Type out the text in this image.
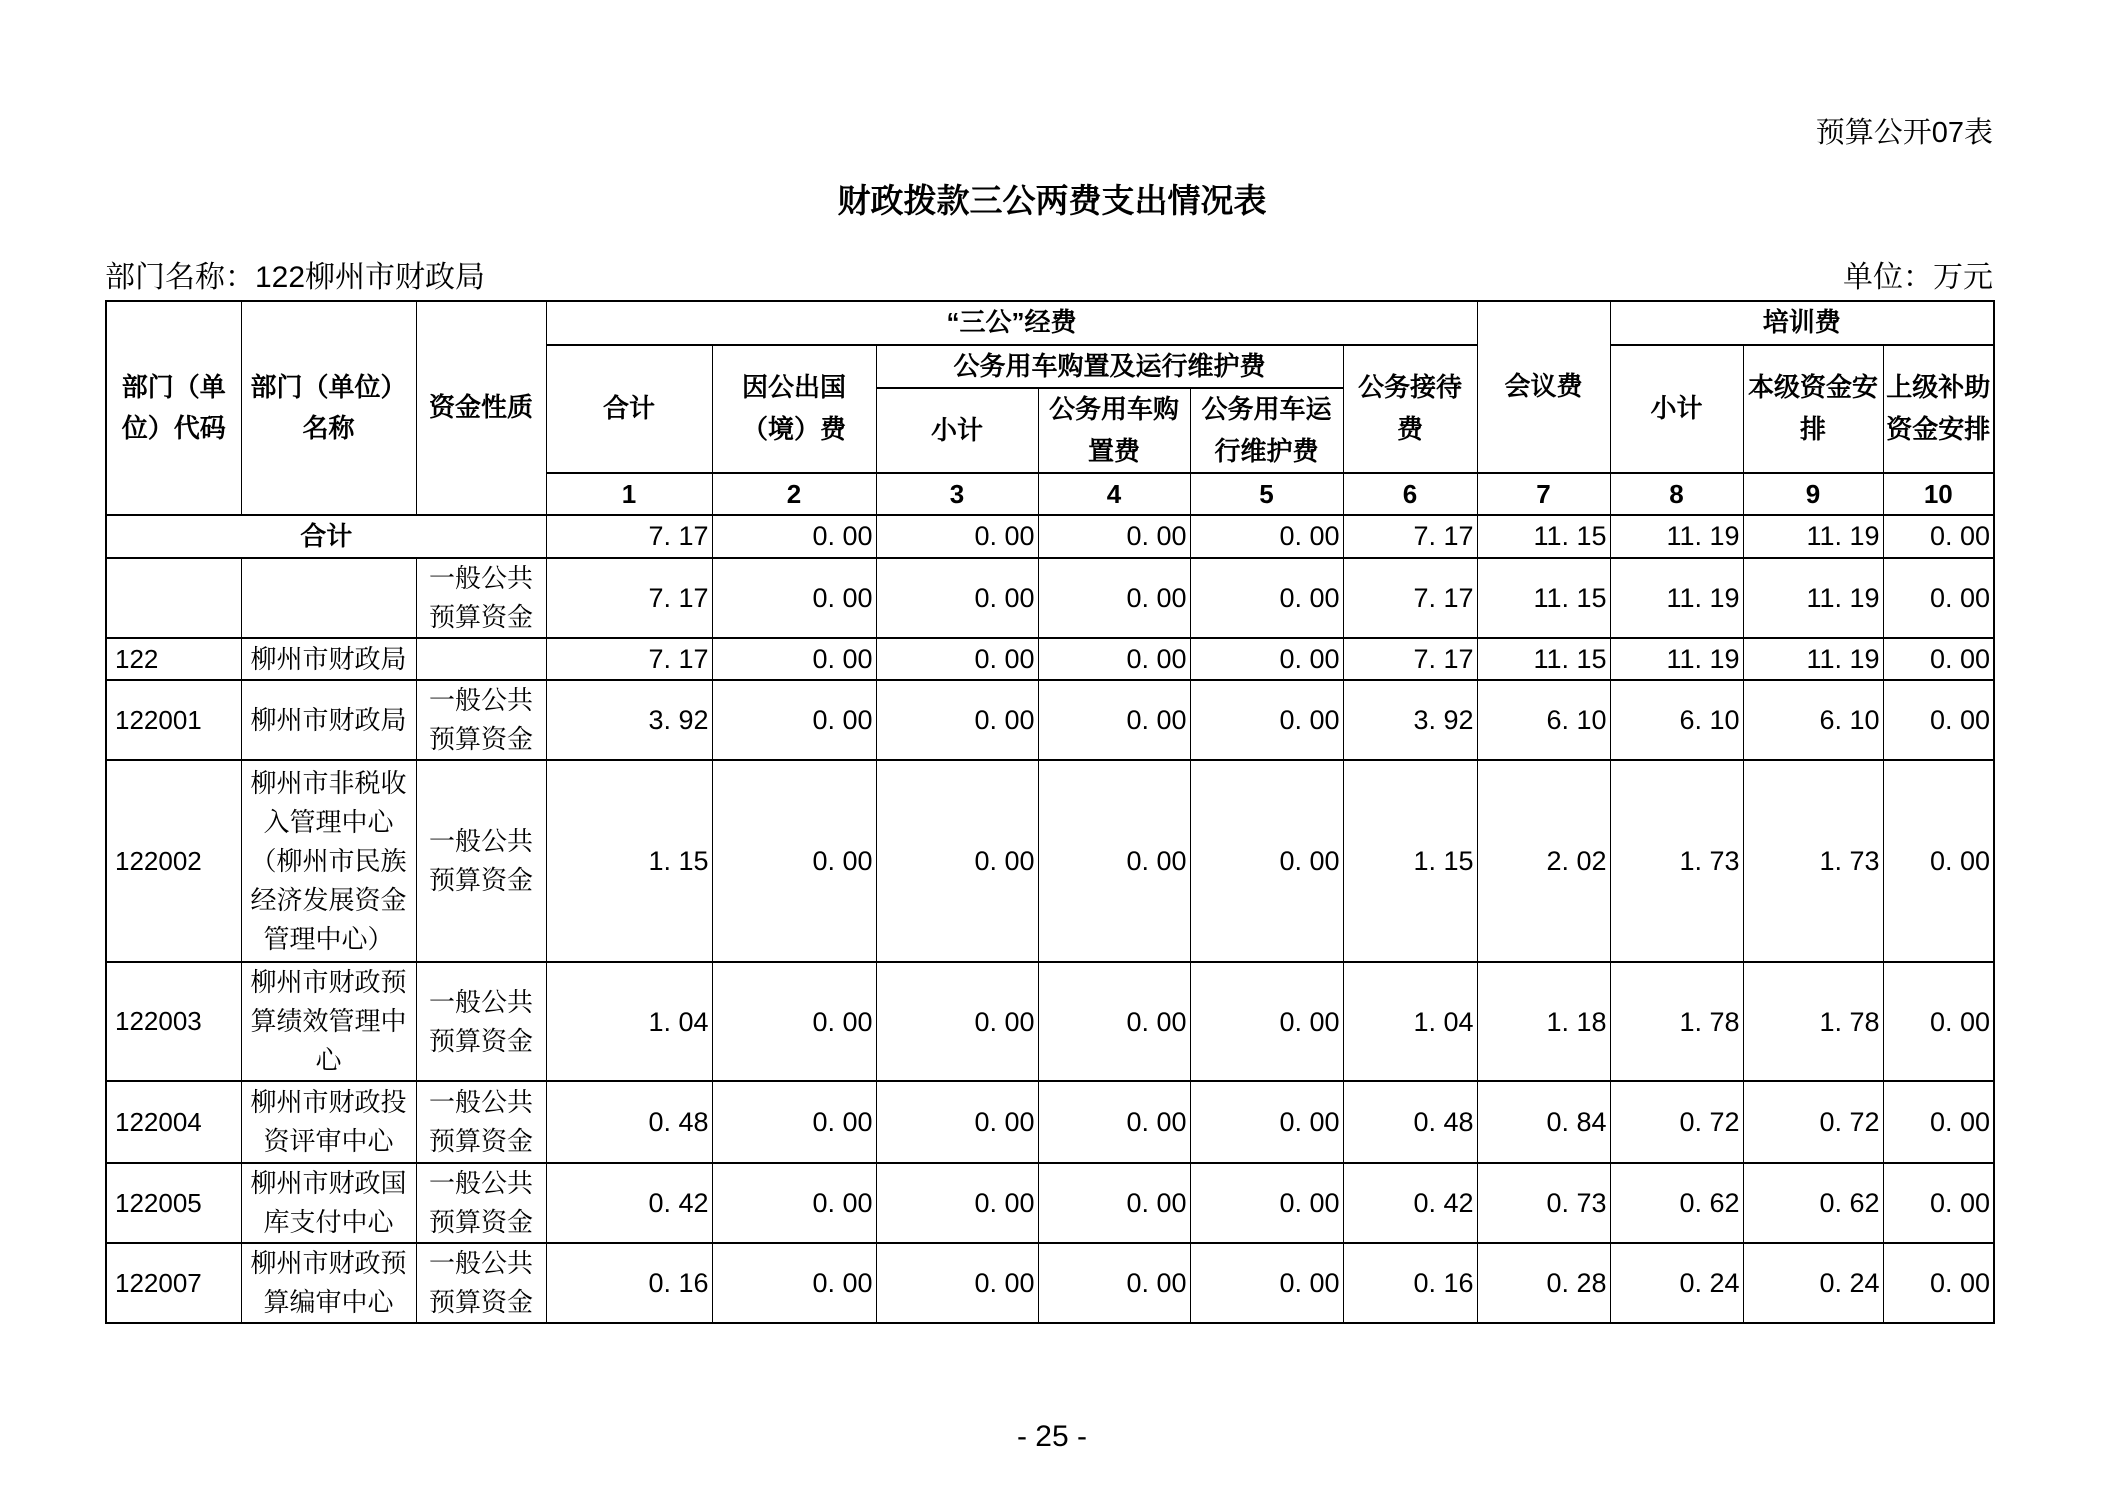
预算公开07表
财政拨款三公两费支出情况表
部门名称：122柳州市财政局	单位：万元
部门（单位）代码	部门（单位）名称	资金性质	“三公”经费						会议费	培训费		
			合计	因公出国（境）费	公务用车购置及运行维护费			公务接待费		小计	本级资金安排	上级补助资金安排
					小计	公务用车购置费	公务用车运行维护费					
			1	2	3	4	5	6	7	8	9	10
合计			7. 17	0. 00	0. 00	0. 00	0. 00	7. 17	11. 15	11. 19	11. 19	0. 00
		一般公共预算资金	7. 17	0. 00	0. 00	0. 00	0. 00	7. 17	11. 15	11. 19	11. 19	0. 00
122	柳州市财政局		7. 17	0. 00	0. 00	0. 00	0. 00	7. 17	11. 15	11. 19	11. 19	0. 00
122001	柳州市财政局	一般公共预算资金	3. 92	0. 00	0. 00	0. 00	0. 00	3. 92	6. 10	6. 10	6. 10	0. 00
122002	柳州市非税收入管理中心（柳州市民族经济发展资金管理中心）	一般公共预算资金	1. 15	0. 00	0. 00	0. 00	0. 00	1. 15	2. 02	1. 73	1. 73	0. 00
122003	柳州市财政预算绩效管理中心	一般公共预算资金	1. 04	0. 00	0. 00	0. 00	0. 00	1. 04	1. 18	1. 78	1. 78	0. 00
122004	柳州市财政投资评审中心	一般公共预算资金	0. 48	0. 00	0. 00	0. 00	0. 00	0. 48	0. 84	0. 72	0. 72	0. 00
122005	柳州市财政国库支付中心	一般公共预算资金	0. 42	0. 00	0. 00	0. 00	0. 00	0. 42	0. 73	0. 62	0. 62	0. 00
122007	柳州市财政预算编审中心	一般公共预算资金	0. 16	0. 00	0. 00	0. 00	0. 00	0. 16	0. 28	0. 24	0. 24	0. 00
- 25 -
